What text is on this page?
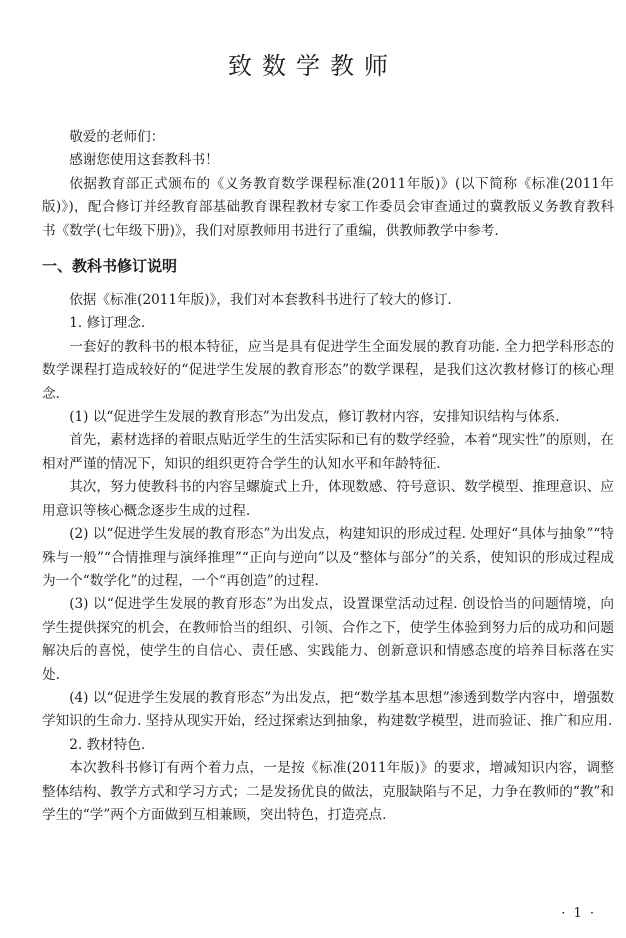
致数学教师

敬爱的老师们：

感谢您使用这套教科书！

依据教育部正式颁布的《义务教育数学课程标准(2011年版)》(以下简称《标准(2011年版)》)，配合修订并经教育部基础教育课程教材专家工作委员会审查通过的冀教版义务教育教科书《数学(七年级下册)》，我们对原教师用书进行了重编，供教师教学中参考.

一、教科书修订说明

依据《标准(2011年版)》，我们对本套教科书进行了较大的修订.

1. 修订理念.

一套好的教科书的根本特征，应当是具有促进学生全面发展的教育功能. 全力把学科形态的数学课程打造成较好的“促进学生发展的教育形态”的数学课程，是我们这次教材修订的核心理念.

(1) 以“促进学生发展的教育形态”为出发点，修订教材内容，安排知识结构与体系.

首先，素材选择的着眼点贴近学生的生活实际和已有的数学经验，本着“现实性”的原则，在相对严谨的情况下，知识的组织更符合学生的认知水平和年龄特征.

其次，努力使教科书的内容呈螺旋式上升，体现数感、符号意识、数学模型、推理意识、应用意识等核心概念逐步生成的过程.

(2) 以“促进学生发展的教育形态”为出发点，构建知识的形成过程. 处理好“具体与抽象”“特殊与一般”“合情推理与演绎推理”“正向与逆向”以及“整体与部分”的关系，使知识的形成过程成为一个“数学化”的过程，一个“再创造”的过程.

(3) 以“促进学生发展的教育形态”为出发点，设置课堂活动过程. 创设恰当的问题情境，向学生提供探究的机会，在教师恰当的组织、引领、合作之下，使学生体验到努力后的成功和问题解决后的喜悦，使学生的自信心、责任感、实践能力、创新意识和情感态度的培养目标落在实处.

(4) 以“促进学生发展的教育形态”为出发点，把“数学基本思想”渗透到数学内容中，增强数学知识的生命力. 坚持从现实开始，经过探索达到抽象，构建数学模型，进而验证、推广和应用.

2. 教材特色.

本次教科书修订有两个着力点，一是按《标准(2011年版)》的要求，增减知识内容，调整整体结构、教学方式和学习方式；二是发扬优良的做法，克服缺陷与不足，力争在教师的“教”和学生的“学”两个方面做到互相兼顾，突出特色，打造亮点.

· 1 ·
